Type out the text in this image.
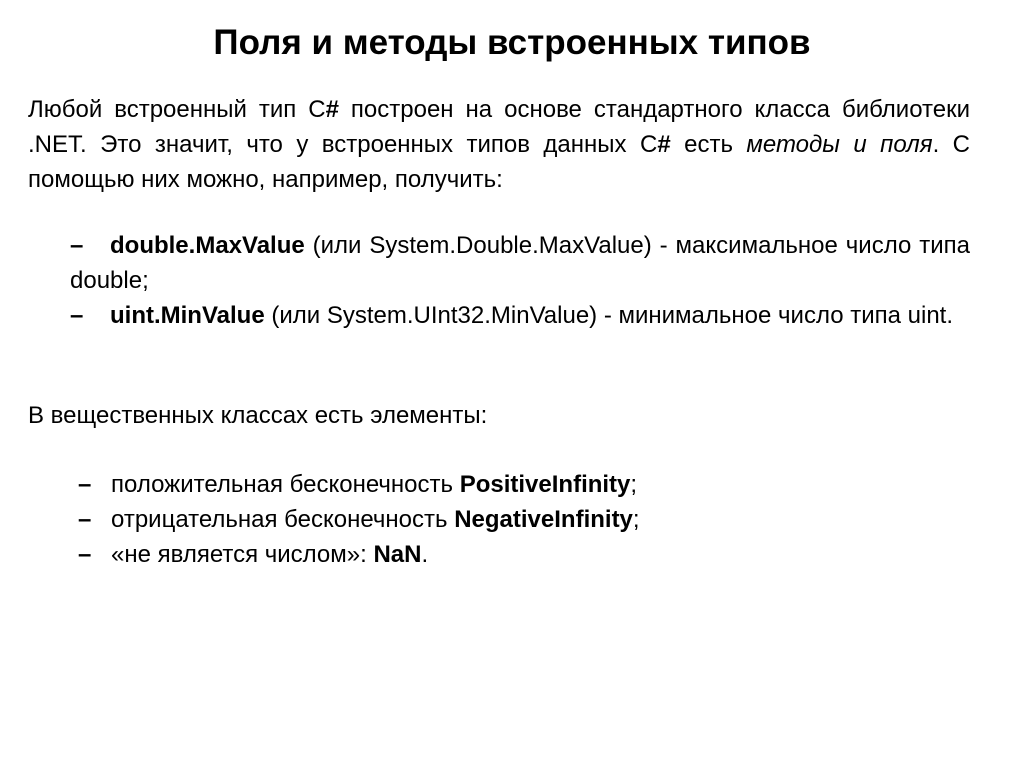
Поля и методы встроенных типов

Любой встроенный тип С# построен на основе стандартного класса библиотеки .NET. Это значит, что у встроенных типов данных С# есть методы и поля. С помощью них можно, например, получить:

– double.MaxValue (или System.Double.MaxValue) - максимальное число типа double;
– uint.MinValue (или System.UInt32.MinValue) - минимальное число типа uint.

В вещественных классах есть элементы:

– положительная бесконечность PositiveInfinity;
– отрицательная бесконечность NegativeInfinity;
– «не является числом»: NaN.
